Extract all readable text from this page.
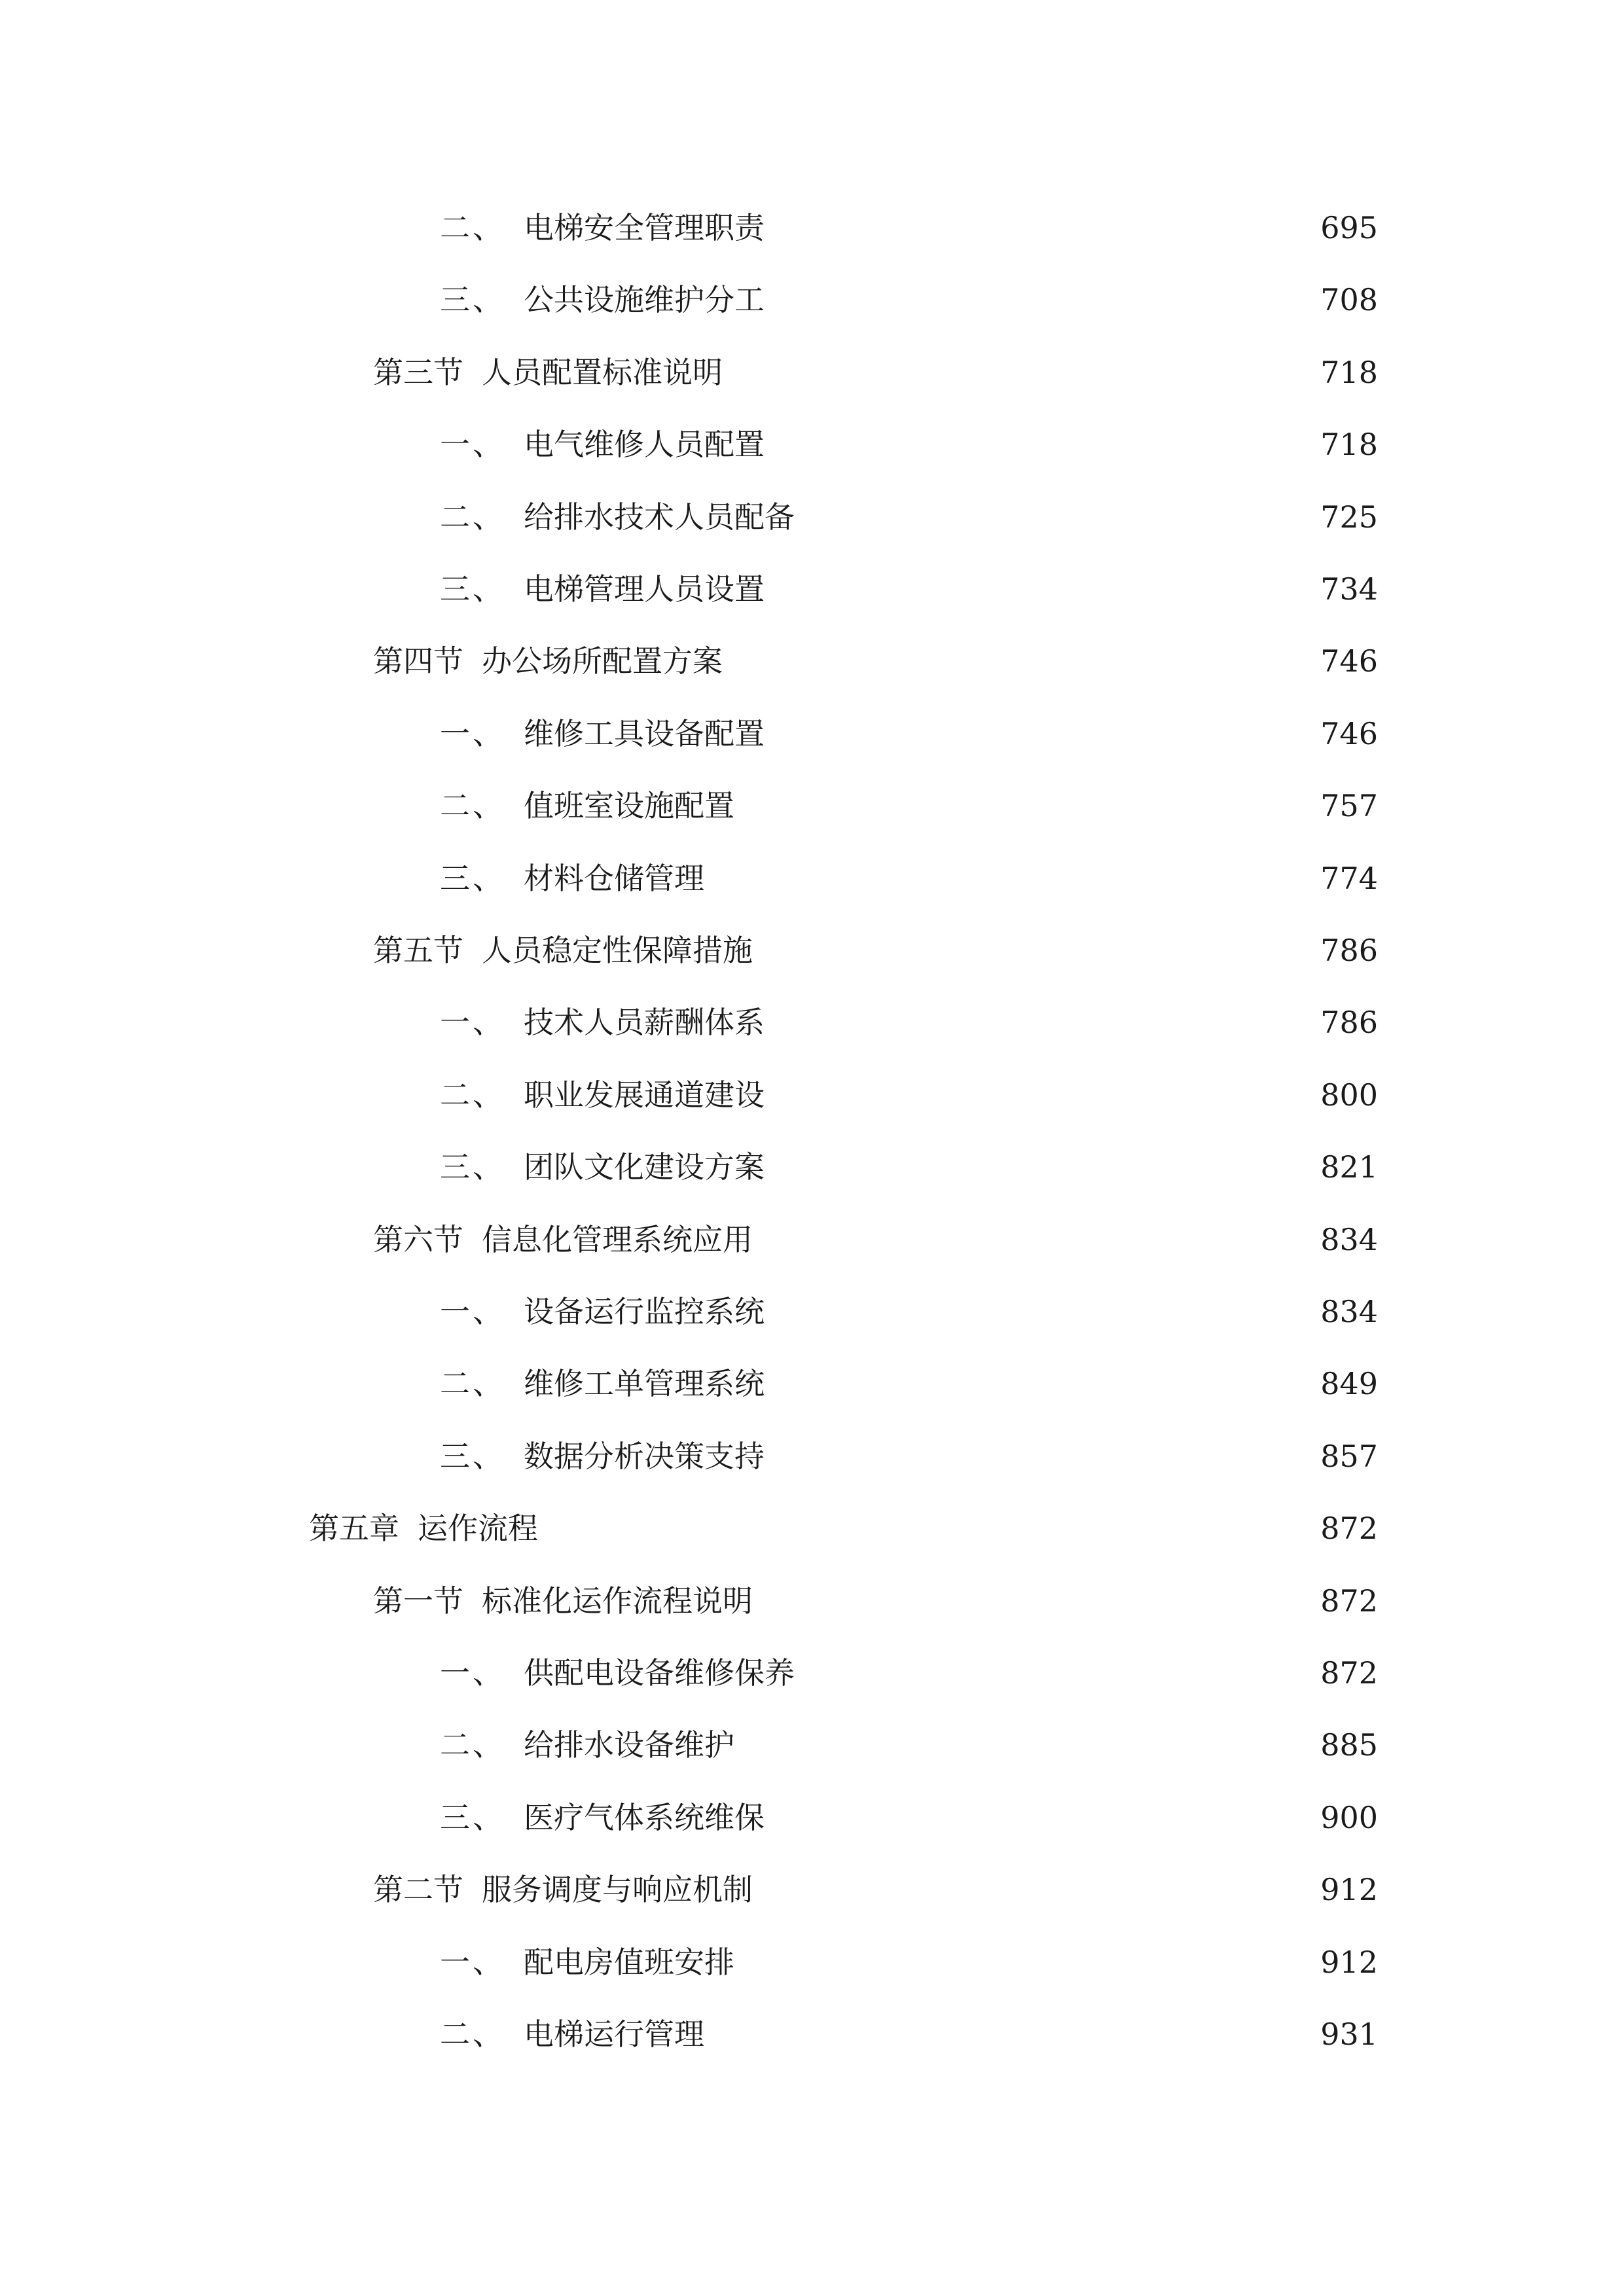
二、 电梯安全管理职责	695
三、 公共设施维护分工	708
第三节 人员配置标准说明	718
一、 电气维修人员配置	718
二、 给排水技术人员配备	725
三、 电梯管理人员设置	734
第四节 办公场所配置方案	746
一、 维修工具设备配置	746
二、 值班室设施配置	757
三、 材料仓储管理	774
第五节 人员稳定性保障措施	786
一、 技术人员薪酬体系	786
二、 职业发展通道建设	800
三、 团队文化建设方案	821
第六节 信息化管理系统应用	834
一、 设备运行监控系统	834
二、 维修工单管理系统	849
三、 数据分析决策支持	857
第五章 运作流程	872
第一节 标准化运作流程说明	872
一、 供配电设备维修保养	872
二、 给排水设备维护	885
三、 医疗气体系统维保	900
第二节 服务调度与响应机制	912
一、 配电房值班安排	912
二、 电梯运行管理	931
